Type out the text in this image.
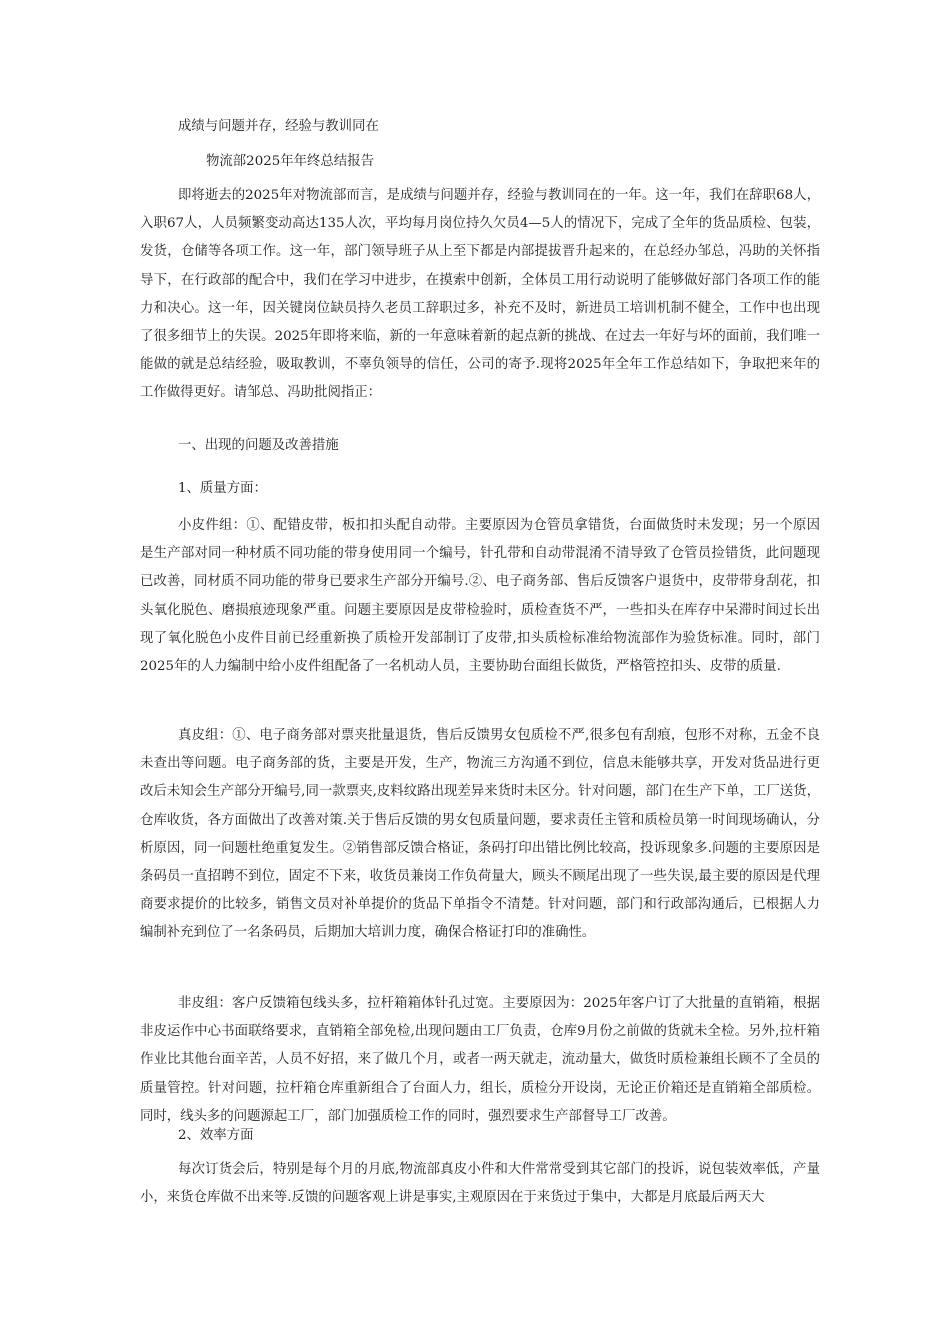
成绩与问题并存，经验与教训同在
物流部2025年年终总结报告

即将逝去的2025年对物流部而言，是成绩与问题并存，经验与教训同在的一年。这一年，我们在辞职68人，入职67人，人员频繁变动高达135人次，平均每月岗位持久欠员4—5人的情况下，完成了全年的货品质检、包装，发货，仓储等各项工作。这一年，部门领导班子从上至下都是内部提拔晋升起来的，在总经办邹总，冯助的关怀指导下，在行政部的配合中，我们在学习中进步，在摸索中创新，全体员工用行动说明了能够做好部门各项工作的能力和决心。这一年，因关键岗位缺员持久老员工辞职过多，补充不及时，新进员工培训机制不健全，工作中也出现了很多细节上的失误。2025年即将来临，新的一年意味着新的起点新的挑战、在过去一年好与坏的面前，我们唯一能做的就是总结经验，吸取教训，不辜负领导的信任，公司的寄予.现将2025年全年工作总结如下，争取把来年的工作做得更好。请邹总、冯助批阅指正：

一、出现的问题及改善措施
1、质量方面：

小皮件组：①、配错皮带，板扣扣头配自动带。主要原因为仓管员拿错货，台面做货时未发现；另一个原因是生产部对同一种材质不同功能的带身使用同一个编号，针孔带和自动带混淆不清导致了仓管员捡错货，此问题现已改善，同材质不同功能的带身已要求生产部分开编号.②、电子商务部、售后反馈客户退货中，皮带带身刮花，扣头氧化脱色、磨损痕迹现象严重。问题主要原因是皮带检验时，质检查货不严，一些扣头在库存中呆滞时间过长出现了氧化脱色小皮件目前已经重新换了质检开发部制订了皮带,扣头质检标准给物流部作为验货标准。同时，部门2025年的人力编制中给小皮件组配备了一名机动人员，主要协助台面组长做货，严格管控扣头、皮带的质量.

真皮组：①、电子商务部对票夹批量退货，售后反馈男女包质检不严,很多包有刮痕，包形不对称，五金不良未查出等问题。电子商务部的货，主要是开发，生产，物流三方沟通不到位，信息未能够共享，开发对货品进行更改后未知会生产部分开编号,同一款票夹,皮料纹路出现差异来货时未区分。针对问题，部门在生产下单，工厂送货，仓库收货，各方面做出了改善对策.关于售后反馈的男女包质量问题，要求责任主管和质检员第一时间现场确认，分析原因，同一问题杜绝重复发生。②销售部反馈合格证，条码打印出错比例比较高，投诉现象多.问题的主要原因是条码员一直招聘不到位，固定不下来，收货员兼岗工作负荷量大，顾头不顾尾出现了一些失误,最主要的原因是代理商要求提价的比较多，销售文员对补单提价的货品下单指令不清楚。针对问题，部门和行政部沟通后，已根据人力编制补充到位了一名条码员，后期加大培训力度，确保合格证打印的准确性。

非皮组：客户反馈箱包线头多，拉杆箱箱体针孔过宽。主要原因为：2025年客户订了大批量的直销箱，根据非皮运作中心书面联络要求，直销箱全部免检,出现问题由工厂负责，仓库9月份之前做的货就未全检。另外,拉杆箱作业比其他台面辛苦，人员不好招，来了做几个月，或者一两天就走，流动量大，做货时质检兼组长顾不了全员的质量管控。针对问题，拉杆箱仓库重新组合了台面人力，组长，质检分开设岗，无论正价箱还是直销箱全部质检。同时，线头多的问题源起工厂，部门加强质检工作的同时，强烈要求生产部督导工厂改善。

2、效率方面

每次订货会后，特别是每个月的月底,物流部真皮小件和大件常常受到其它部门的投诉，说包装效率低，产量小，来货仓库做不出来等.反馈的问题客观上讲是事实,主观原因在于来货过于集中，大都是月底最后两天大
